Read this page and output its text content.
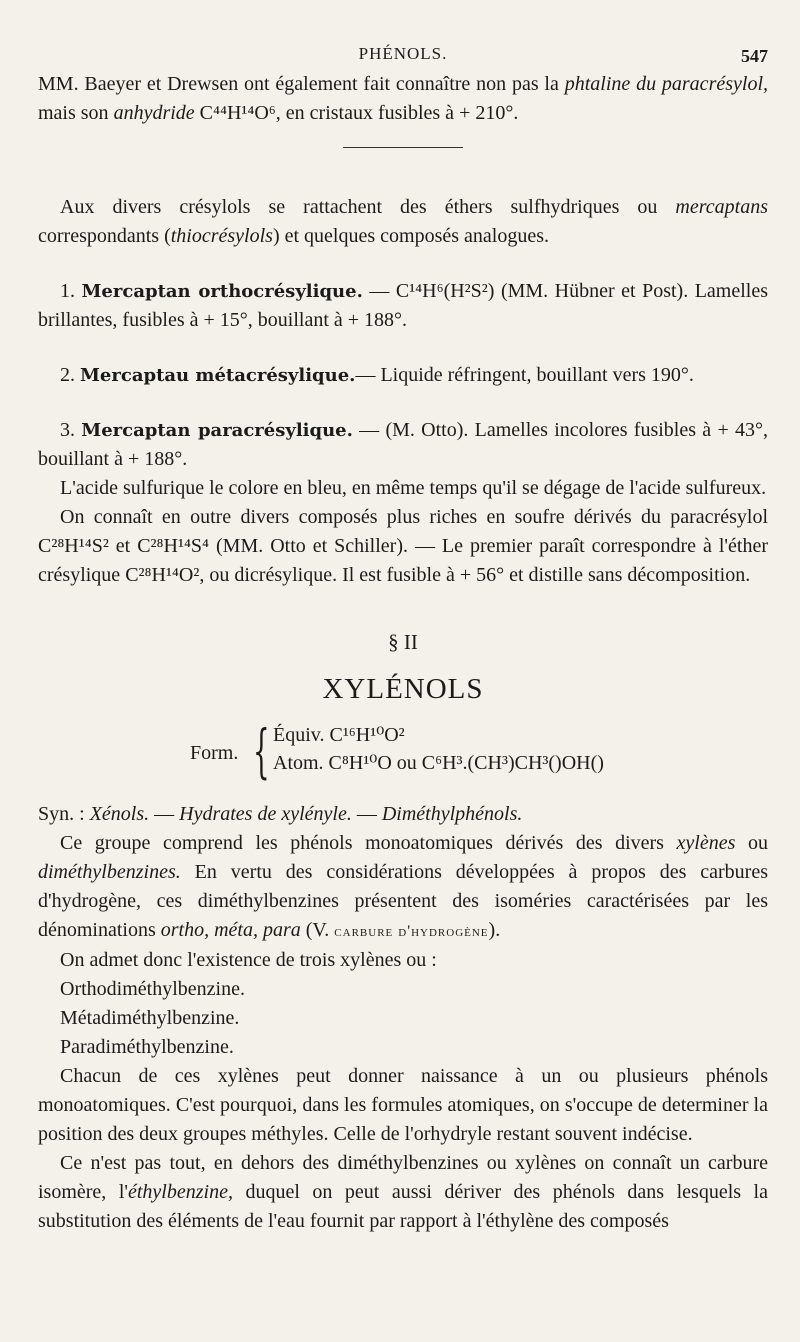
PHÉNOLS.	547

MM. Baeyer et Drewsen ont également fait connaître non pas la phtaline du paracrésylol, mais son anhydride C⁴⁴H¹⁴O⁶, en cristaux fusibles à + 210°.

Aux divers crésylols se rattachent des éthers sulfhydriques ou mercaptans correspondants (thiocrésylols) et quelques composés analogues.

1. Mercaptan orthocrésylique. — C¹⁴H⁶(H²S²) (MM. Hübner et Post). Lamelles brillantes, fusibles à + 15°, bouillant à + 188°.

2. Mercaptau métacrésylique.— Liquide réfringent, bouillant vers 190°.

3. Mercaptan paracrésylique. — (M. Otto). Lamelles incolores fusibles à + 43°, bouillant à + 188°.

L'acide sulfurique le colore en bleu, en même temps qu'il se dégage de l'acide sulfureux.

On connaît en outre divers composés plus riches en soufre dérivés du paracrésylol C²⁸H¹⁴S² et C²⁸H¹⁴S⁴ (MM. Otto et Schiller). — Le premier paraît correspondre à l'éther crésylique C²⁸H¹⁴O², ou dicrésylique. Il est fusible à + 56° et distille sans décomposition.

§ II
XYLÉNOLS
Form. { Équiv. C¹⁶H¹⁰O²
Atom. C⁸H¹⁰O ou C⁶H³.(CH³)CH³()OH()

Syn. : Xénols. — Hydrates de xylényle. — Diméthylphénols.

Ce groupe comprend les phénols monoatomiques dérivés des divers xylènes ou diméthylbenzines. En vertu des considérations développées à propos des carbures d'hydrogène, ces diméthylbenzines présentent des isoméries caractérisées par les dénominations ortho, méta, para (V. carbure d'hydrogène).

On admet donc l'existence de trois xylènes ou :

Orthodiméthylbenzine.

Métadiméthylbenzine.

Paradiméthylbenzine.

Chacun de ces xylènes peut donner naissance à un ou plusieurs phénols monoatomiques. C'est pourquoi, dans les formules atomiques, on s'occupe de determiner la position des deux groupes méthyles. Celle de l'orhydryle restant souvent indécise.

Ce n'est pas tout, en dehors des diméthylbenzines ou xylènes on connaît un carbure isomère, l'éthylbenzine, duquel on peut aussi dériver des phénols dans lesquels la substitution des éléments de l'eau fournit par rapport à l'éthylène des composés
